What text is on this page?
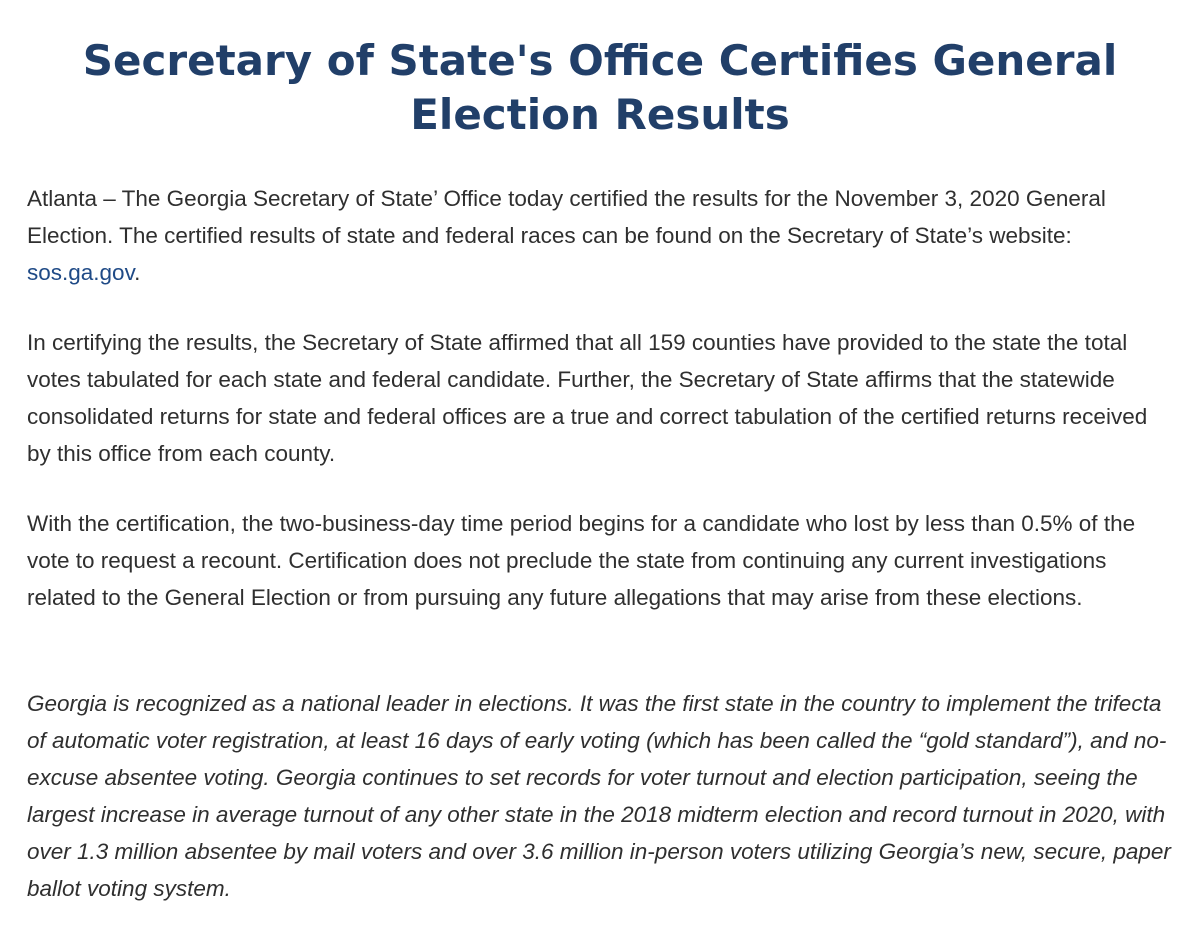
Secretary of State's Office Certifies General Election Results

Atlanta – The Georgia Secretary of State’ Office today certified the results for the November 3, 2020 General Election. The certified results of state and federal races can be found on the Secretary of State’s website: sos.ga.gov.

In certifying the results, the Secretary of State affirmed that all 159 counties have provided to the state the total votes tabulated for each state and federal candidate. Further, the Secretary of State affirms that the statewide consolidated returns for state and federal offices are a true and correct tabulation of the certified returns received by this office from each county.

With the certification, the two-business-day time period begins for a candidate who lost by less than 0.5% of the vote to request a recount. Certification does not preclude the state from continuing any current investigations related to the General Election or from pursuing any future allegations that may arise from these elections.

Georgia is recognized as a national leader in elections. It was the first state in the country to implement the trifecta of automatic voter registration, at least 16 days of early voting (which has been called the “gold standard”), and no-excuse absentee voting. Georgia continues to set records for voter turnout and election participation, seeing the largest increase in average turnout of any other state in the 2018 midterm election and record turnout in 2020, with over 1.3 million absentee by mail voters and over 3.6 million in-person voters utilizing Georgia’s new, secure, paper ballot voting system.
